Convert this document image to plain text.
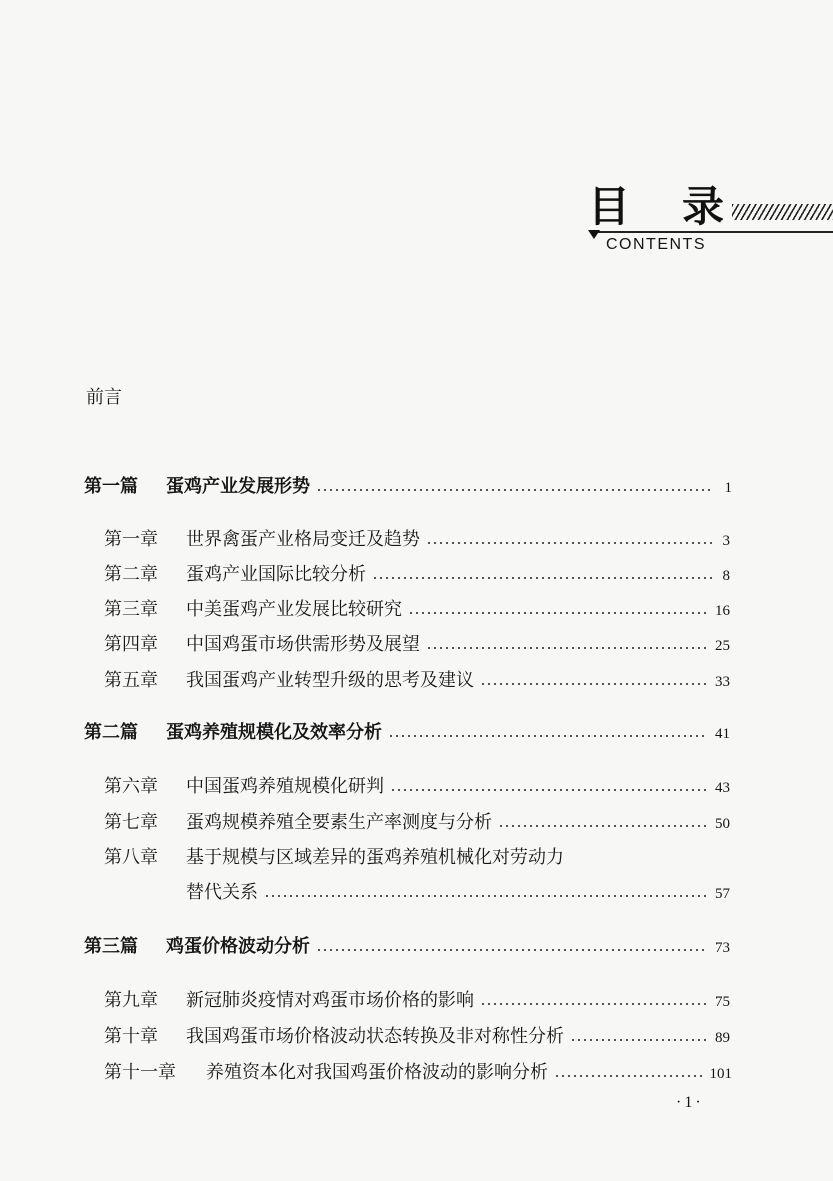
目 录
CONTENTS
前言
第一篇	蛋鸡产业发展形势	1
第一章	世界禽蛋产业格局变迁及趋势	3
第二章	蛋鸡产业国际比较分析	8
第三章	中美蛋鸡产业发展比较研究	16
第四章	中国鸡蛋市场供需形势及展望	25
第五章	我国蛋鸡产业转型升级的思考及建议	33
第二篇	蛋鸡养殖规模化及效率分析	41
第六章	中国蛋鸡养殖规模化研判	43
第七章	蛋鸡规模养殖全要素生产率测度与分析	50
第八章 基于规模与区域差异的蛋鸡养殖机械化对劳动力
替代关系	57
第三篇	鸡蛋价格波动分析	73
第九章	新冠肺炎疫情对鸡蛋市场价格的影响	75
第十章	我国鸡蛋市场价格波动状态转换及非对称性分析	89
第十一章	养殖资本化对我国鸡蛋价格波动的影响分析	101
·1·
